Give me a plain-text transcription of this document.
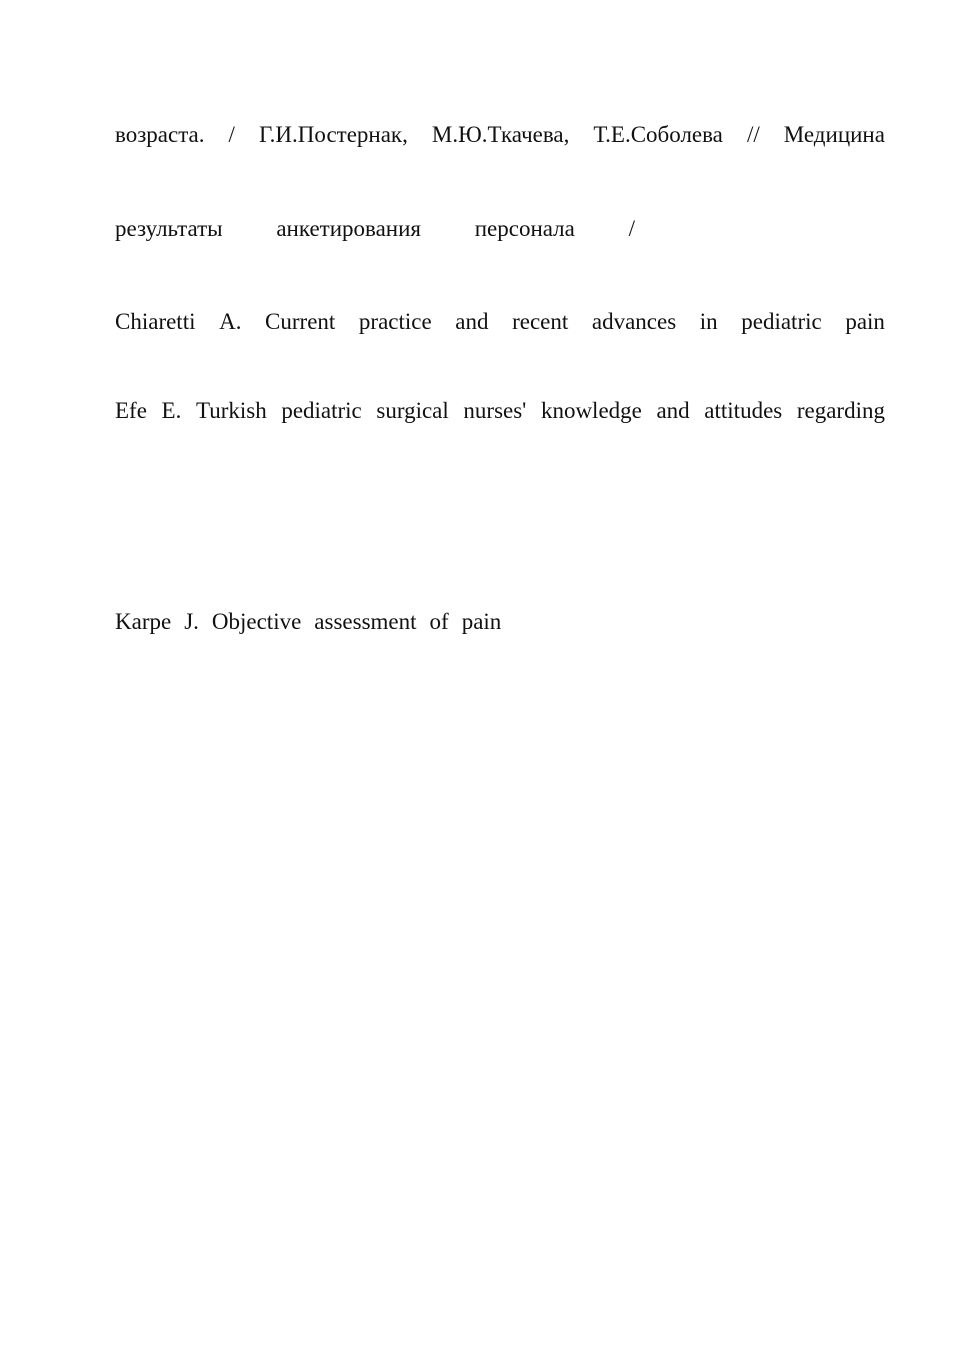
возраста. / Г.И.Постернак, М.Ю.Ткачева, Т.Е.Соболева // Медицина
результаты анкетирования персонала /
Chiaretti A. Current practice and recent advances in pediatric pain
Efe E. Turkish pediatric surgical nurses' knowledge and attitudes regarding
Karpe J. Objective assessment of pain
